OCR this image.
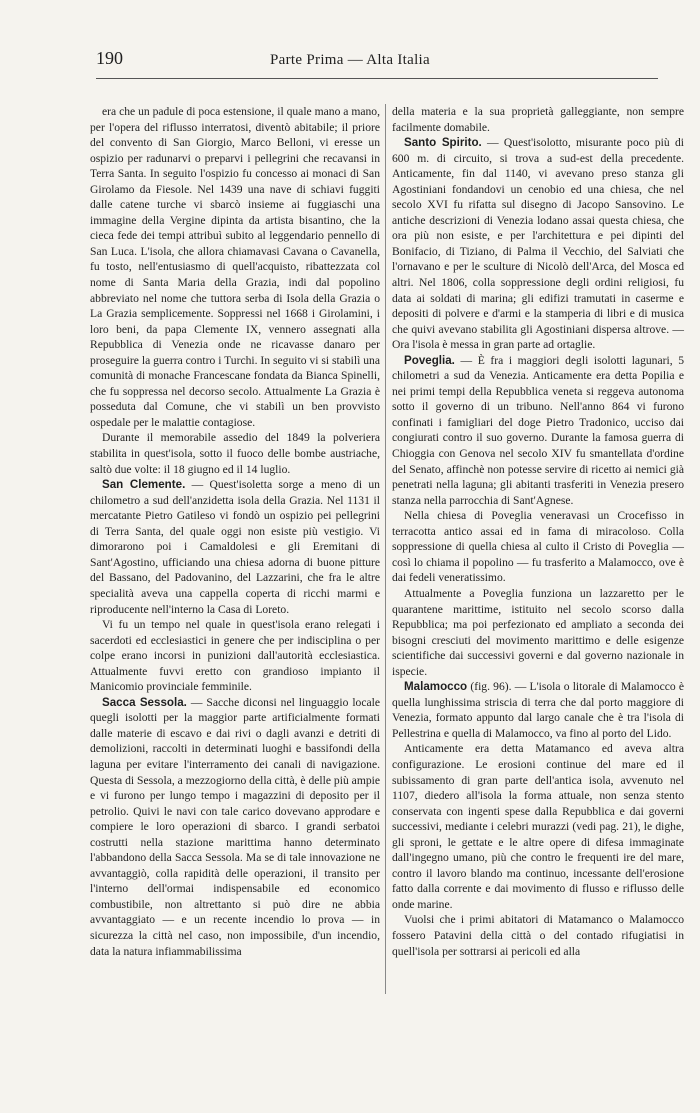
190	Parte Prima — Alta Italia

era che un padule di poca estensione, il quale mano a mano, per l'opera del riflusso interratosi, diventò abitabile; il priore del convento di San Giorgio, Marco Belloni, vi eresse un ospizio per radunarvi o preparvi i pellegrini che recavansi in Terra Santa. In seguito l'ospizio fu concesso ai monaci di San Girolamo da Fiesole. Nel 1439 una nave di schiavi fuggiti dalle catene turche vi sbarcò insieme ai fuggiaschi una immagine della Vergine dipinta da artista bisantino, che la cieca fede dei tempi attribuì subito al leggendario pennello di San Luca. L'isola, che allora chiamavasi Cavana o Cavanella, fu tosto, nell'entusiasmo di quell'acquisto, ribattezzata col nome di Santa Maria della Grazia, indi dal popolino abbreviato nel nome che tuttora serba di Isola della Grazia o La Grazia semplicemente. Soppressi nel 1668 i Girolamini, i loro beni, da papa Clemente IX, vennero assegnati alla Repubblica di Venezia onde ne ricavasse danaro per proseguire la guerra contro i Turchi. In seguito vi si stabilì una comunità di monache Francescane fondata da Bianca Spinelli, che fu soppressa nel decorso secolo. Attualmente La Grazia è posseduta dal Comune, che vi stabilì un ben provvisto ospedale per le malattie contagiose.

Durante il memorabile assedio del 1849 la polveriera stabilita in quest'isola, sotto il fuoco delle bombe austriache, saltò due volte: il 18 giugno ed il 14 luglio.

San Clemente. — Quest'isoletta sorge a meno di un chilometro a sud dell'anzidetta isola della Grazia. Nel 1131 il mercatante Pietro Gatileso vi fondò un ospizio pei pellegrini di Terra Santa, del quale oggi non esiste più vestigio. Vi dimorarono poi i Camaldolesi e gli Eremitani di Sant'Agostino, ufficiando una chiesa adorna di buone pitture del Bassano, del Padovanino, del Lazzarini, che fra le altre specialità aveva una cappella coperta di ricchi marmi e riproducente nell'interno la Casa di Loreto.

Vi fu un tempo nel quale in quest'isola erano relegati i sacerdoti ed ecclesiastici in genere che per indisciplina o per colpe erano incorsi in punizioni dall'autorità ecclesiastica. Attualmente fuvvi eretto con grandioso impianto il Manicomio provinciale femminile.

Sacca Sessola. — Sacche diconsi nel linguaggio locale quegli isolotti per la maggior parte artificialmente formati dalle materie di escavo e dai rivi o dagli avanzi e detriti di demolizioni, raccolti in determinati luoghi e bassifondi della laguna per evitare l'interramento dei canali di navigazione. Questa di Sessola, a mezzogiorno della città, è delle più ampie e vi furono per lungo tempo i magazzini di deposito per il petrolio. Quivi le navi con tale carico dovevano approdare e compiere le loro operazioni di sbarco. I grandi serbatoi costrutti nella stazione marittima hanno determinato l'abbandono della Sacca Sessola. Ma se di tale innovazione ne avvantaggiò, colla rapidità delle operazioni, il transito per l'interno dell'ormai indispensabile ed economico combustibile, non altrettanto si può dire ne abbia avvantaggiato — e un recente incendio lo prova — in sicurezza la città nel caso, non impossibile, d'un incendio, data la natura infiammabilissima

della materia e la sua proprietà galleggiante, non sempre facilmente domabile.

Santo Spirito. — Quest'isolotto, misurante poco più di 600 m. di circuito, si trova a sud-est della precedente. Anticamente, fin dal 1140, vi avevano preso stanza gli Agostiniani fondandovi un cenobio ed una chiesa, che nel secolo XVI fu rifatta sul disegno di Jacopo Sansovino. Le antiche descrizioni di Venezia lodano assai questa chiesa, che ora più non esiste, e per l'architettura e pei dipinti del Bonifacio, di Tiziano, di Palma il Vecchio, del Salviati che l'ornavano e per le sculture di Nicolò dell'Arca, del Mosca ed altri. Nel 1806, colla soppressione degli ordini religiosi, fu data ai soldati di marina; gli edifizi tramutati in caserme e depositi di polvere e d'armi e la stamperia di libri e di musica che quivi avevano stabilita gli Agostiniani dispersa altrove. — Ora l'isola è messa in gran parte ad ortaglie.

Poveglia. — È fra i maggiori degli isolotti lagunari, 5 chilometri a sud da Venezia. Anticamente era detta Popilia e nei primi tempi della Repubblica veneta si reggeva autonoma sotto il governo di un tribuno. Nell'anno 864 vi furono confinati i famigliari del doge Pietro Tradonico, ucciso dai congiurati contro il suo governo. Durante la famosa guerra di Chioggia con Genova nel secolo XIV fu smantellata d'ordine del Senato, affinchè non potesse servire di ricetto ai nemici già penetrati nella laguna; gli abitanti trasferiti in Venezia presero stanza nella parrocchia di Sant'Agnese.

Nella chiesa di Poveglia veneravasi un Crocefisso in terracotta antico assai ed in fama di miracoloso. Colla soppressione di quella chiesa al culto il Cristo di Poveglia — così lo chiama il popolino — fu trasferito a Malamocco, ove è dai fedeli veneratissimo.

Attualmente a Poveglia funziona un lazzaretto per le quarantene marittime, istituito nel secolo scorso dalla Repubblica; ma poi perfezionato ed ampliato a seconda dei bisogni cresciuti del movimento marittimo e delle esigenze scientifiche dai successivi governi e dal governo nazionale in ispecie.

Malamocco (fig. 96). — L'isola o litorale di Malamocco è quella lunghissima striscia di terra che dal porto maggiore di Venezia, formato appunto dal largo canale che è tra l'isola di Pellestrina e quella di Malamocco, va fino al porto del Lido.

Anticamente era detta Matamanco ed aveva altra configurazione. Le erosioni continue del mare ed il subissamento di gran parte dell'antica isola, avvenuto nel 1107, diedero all'isola la forma attuale, non senza stento conservata con ingenti spese dalla Repubblica e dai governi successivi, mediante i celebri murazzi (vedi pag. 21), le dighe, gli sproni, le gettate e le altre opere di difesa immaginate dall'ingegno umano, più che contro le frequenti ire del mare, contro il lavoro blando ma continuo, incessante dell'erosione fatto dalla corrente e dai movimento di flusso e riflusso delle onde marine.

Vuolsi che i primi abitatori di Matamanco o Malamocco fossero Patavini della città o del contado rifugiatisi in quell'isola per sottrarsi ai pericoli ed alla
